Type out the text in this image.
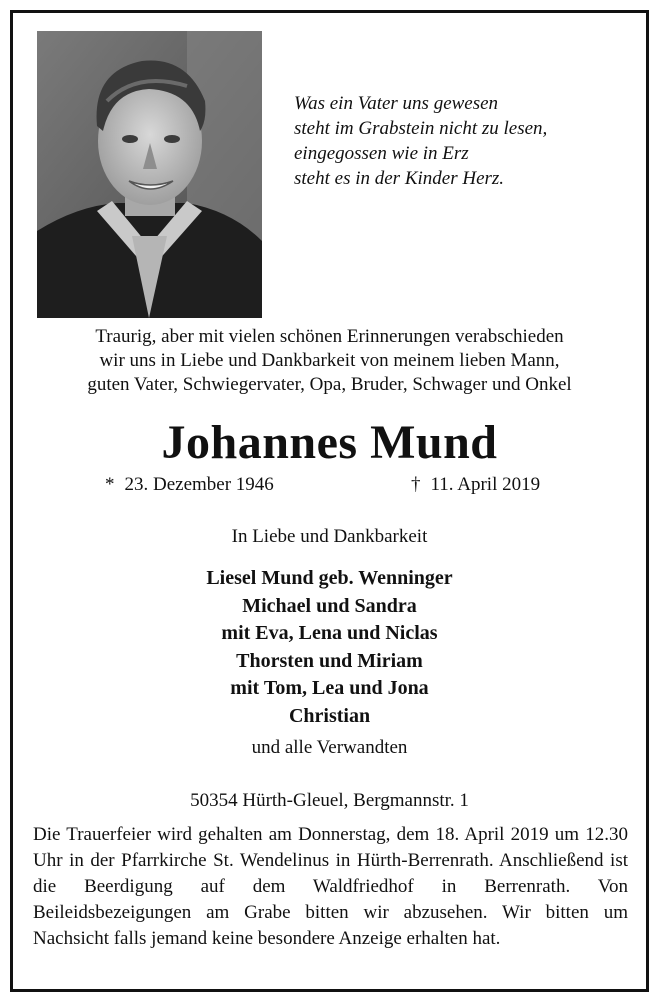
Was ein Vater uns gewesen
steht im Grabstein nicht zu lesen,
eingegossen wie in Erz
steht es in der Kinder Herz.
Traurig, aber mit vielen schönen Erinnerungen verabschieden
wir uns in Liebe und Dankbarkeit von meinem lieben Mann,
guten Vater, Schwiegervater, Opa, Bruder, Schwager und Onkel
Johannes Mund
* 23. Dezember 1946	† 11. April 2019
In Liebe und Dankbarkeit
Liesel Mund geb. Wenninger
Michael und Sandra
mit Eva, Lena und Niclas
Thorsten und Miriam
mit Tom, Lea und Jona
Christian
und alle Verwandten
50354 Hürth-Gleuel, Bergmannstr. 1
Die Trauerfeier wird gehalten am Donnerstag, dem 18. April 2019 um 12.30 Uhr in der Pfarrkirche St. Wendelinus in Hürth-Berrenrath. Anschließend ist die Beerdigung auf dem Waldfriedhof in Berrenrath. Von Beileidsbezeigungen am Grabe bitten wir abzusehen. Wir bitten um Nachsicht falls jemand keine besondere Anzeige erhalten hat.
